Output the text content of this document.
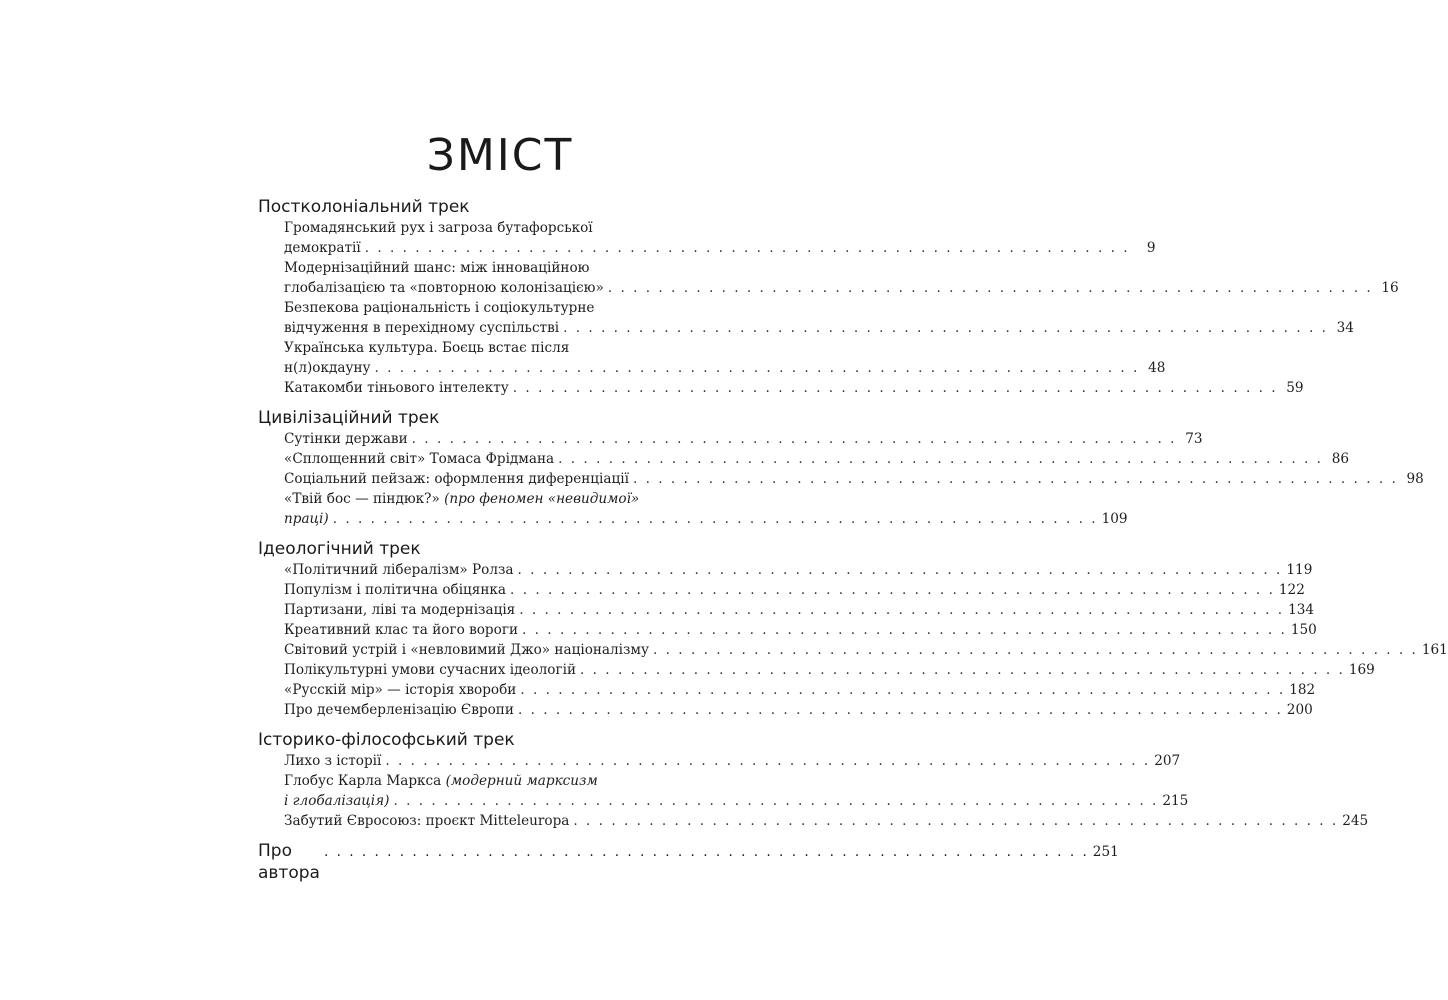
ЗМІСТ
Постколоніальний трек
Громадянський рух і загроза бутафорської
демократії . . . . . . . . . . . . . . . . . . . . . . . . . . . . . . . . . . . . . . . . . . . . . . . . . . . . . . . . . . . . .	9
Модернізаційний шанс: між інноваційною
глобалізацією та «повторною колонізацією» . . . . . . . . . . . . . . . . . . . . . . . . . . . . . . . . . . . . . . . . . . . . . . . . . . . . . . . . . . . . . 16
Безпекова раціональність і соціокультурне
відчуження в перехідному суспільстві . . . . . . . . . . . . . . . . . . . . . . . . . . . . . . . . . . . . . . . . . . . . . . . . . . . . . . . . . . . . . 34
Українська культура. Боєць встає після
н(л)окдауну . . . . . . . . . . . . . . . . . . . . . . . . . . . . . . . . . . . . . . . . . . . . . . . . . . . . . . . . . . . . . 48
Катакомби тіньового інтелекту . . . . . . . . . . . . . . . . . . . . . . . . . . . . . . . . . . . . . . . . . . . . . . . . . . . . . . . . . . . . . 59
Цивілізаційний трек
Сутінки держави . . . . . . . . . . . . . . . . . . . . . . . . . . . . . . . . . . . . . . . . . . . . . . . . . . . . . . . . . . . . . 73
«Сплощенний світ» Томаса Фрідмана . . . . . . . . . . . . . . . . . . . . . . . . . . . . . . . . . . . . . . . . . . . . . . . . . . . . . . . . . . . . . 86
Соціальний пейзаж: оформлення диференціації . . . . . . . . . . . . . . . . . . . . . . . . . . . . . . . . . . . . . . . . . . . . . . . . . . . . . . . . . . . . . 98
«Твій бос — піндюк?» (про феномен «невидимої»
праці) . . . . . . . . . . . . . . . . . . . . . . . . . . . . . . . . . . . . . . . . . . . . . . . . . . . . . . . . . . . . . 109
Ідеологічний трек
«Політичний лібералізм» Ролза . . . . . . . . . . . . . . . . . . . . . . . . . . . . . . . . . . . . . . . . . . . . . . . . . . . . . . . . . . . . . 119
Популізм і політична обіцянка . . . . . . . . . . . . . . . . . . . . . . . . . . . . . . . . . . . . . . . . . . . . . . . . . . . . . . . . . . . . . 122
Партизани, ліві та модернізація . . . . . . . . . . . . . . . . . . . . . . . . . . . . . . . . . . . . . . . . . . . . . . . . . . . . . . . . . . . . . 134
Креативний клас та його вороги . . . . . . . . . . . . . . . . . . . . . . . . . . . . . . . . . . . . . . . . . . . . . . . . . . . . . . . . . . . . . 150
Світовий устрій і «невловимий Джо» націоналізму . . . . . . . . . . . . . . . . . . . . . . . . . . . . . . . . . . . . . . . . . . . . . . . . . . . . . . . . . . . . . 161
Полікультурні умови сучасних ідеологій . . . . . . . . . . . . . . . . . . . . . . . . . . . . . . . . . . . . . . . . . . . . . . . . . . . . . . . . . . . . . 169
«Русскій мір» — історія хвороби . . . . . . . . . . . . . . . . . . . . . . . . . . . . . . . . . . . . . . . . . . . . . . . . . . . . . . . . . . . . . 182
Про дечемберленізацію Європи . . . . . . . . . . . . . . . . . . . . . . . . . . . . . . . . . . . . . . . . . . . . . . . . . . . . . . . . . . . . . 200
Історико-філософський трек
Лихо з історії . . . . . . . . . . . . . . . . . . . . . . . . . . . . . . . . . . . . . . . . . . . . . . . . . . . . . . . . . . . . . 207
Глобус Карла Маркса (модерний марксизм
і глобалізація) . . . . . . . . . . . . . . . . . . . . . . . . . . . . . . . . . . . . . . . . . . . . . . . . . . . . . . . . . . . . . 215
Забутий Євросоюз: проєкт Mitteleuropa . . . . . . . . . . . . . . . . . . . . . . . . . . . . . . . . . . . . . . . . . . . . . . . . . . . . . . . . . . . . . 245
Про автора
. . . . . . . . . . . . . . . . . . . . . . . . . . . . . . . . . . . . . . . . . . . . . . . . . . . . . . . . . . . . . 251
